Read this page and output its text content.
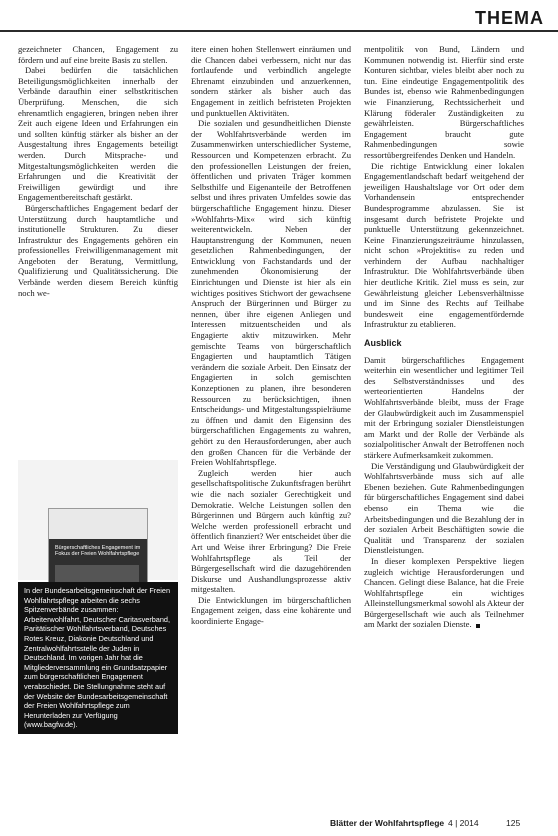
THEMA

gezeichneter Chancen, Engagement zu fördern und auf eine breite Basis zu stellen.

Dabei bedürfen die tatsächlichen Beteiligungsmöglichkeiten innerhalb der Verbände daraufhin einer selbstkritischen Überprüfung. Menschen, die sich ehrenamtlich engagieren, bringen neben ihrer Zeit auch eigene Ideen und Erfahrungen ein und sollten künftig stärker als bisher an der Ausgestaltung ihres Engagements beteiligt werden. Durch Mitsprache- und Mitgestaltungsmöglichkeiten werden die Erfahrungen und die Kreativität der Freiwilligen gewürdigt und ihre Engagementbereitschaft gestärkt.

Bürgerschaftliches Engagement bedarf der Unterstützung durch hauptamtliche und institutionelle Strukturen. Zu dieser Infrastruktur des Engagements gehören ein professionelles Freiwilligenmanagement mit Angeboten der Beratung, Vermittlung, Qualifizierung und Qualitätssicherung. Die Verbände werden diesem Bereich künftig noch we-

Bürgerschaftliches Engagement im Fokus der Freien Wohlfahrtspflege
In der Bundesarbeitsgemeinschaft der Freien Wohlfahrtspflege arbeiten die sechs Spitzenverbände zusammen: Arbeiterwohlfahrt, Deutscher Caritasverband, Paritätischer Wohlfahrtsverband, Deutsches Rotes Kreuz, Diakonie Deutschland und Zentralwohlfahrtsstelle der Juden in Deutschland. Im vorigen Jahr hat die Mitgliederversammlung ein Grundsatzpapier zum bürgerschaftlichen Engagement verabschiedet. Die Stellungnahme steht auf der Website der Bundesarbeitsgemeinschaft der Freien Wohlfahrtspflege zum Herunterladen zur Verfügung (www.bagfw.de).

itere einen hohen Stellenwert einräumen und die Chancen dabei verbessern, nicht nur das fortlaufende und verbindlich angelegte Ehrenamt einzubinden und anzuerkennen, sondern stärker als bisher auch das Engagement in zeitlich befristeten Projekten und punktuellen Aktivitäten.

Die sozialen und gesundheitlichen Dienste der Wohlfahrtsverbände werden im Zusammenwirken unterschiedlicher Systeme, Ressourcen und Kompetenzen erbracht. Zu den professionellen Leistungen der freien, öffentlichen und privaten Träger kommen Selbsthilfe und Eigenanteile der Betroffenen selbst und ihres privaten Umfeldes sowie das bürgerschaftliche Engagement hinzu. Dieser »Wohlfahrts-Mix« wird sich künftig weiterentwickeln. Neben der Hauptanstrengung der Kommunen, neuen gesetzlichen Rahmenbedingungen, der Entwicklung von Fachstandards und der zunehmenden Ökonomisierung der Einrichtungen und Dienste ist hier als ein wichtiges positives Stichwort der gewachsene Anspruch der Bürgerinnen und Bürger zu nennen, über ihre eigenen Anliegen und Interessen mitzuentscheiden und als Engagierte aktiv mitzuwirken. Mehr gemischte Teams von bürgerschaftlich Engagierten und hauptamtlich Tätigen verändern die soziale Arbeit. Den Einsatz der Engagierten in solch gemischten Konzeptionen zu planen, ihre besonderen Ressourcen zu berücksichtigen, ihnen Entscheidungs- und Mitgestaltungsspielräume zu öffnen und damit den Eigensinn des bürgerschaftlichen Engagements zu wahren, gehört zu den Herausforderungen, aber auch den großen Chancen für die Verbände der Freien Wohlfahrtspflege.

Zugleich werden hier auch gesellschaftspolitische Zukunftsfragen berührt wie die nach sozialer Gerechtigkeit und Demokratie. Welche Leistungen sollen den Bürgerinnen und Bürgern auch künftig zu? Welche werden professionell erbracht und öffentlich finanziert? Wer entscheidet über die Art und Weise ihrer Erbringung? Die Freie Wohlfahrtspflege als Teil der Bürgergesellschaft wird die dazugehörenden Diskurse und Aushandlungsprozesse aktiv mitgestalten.

Die Entwicklungen im bürgerschaftlichen Engagement zeigen, dass eine kohärente und koordinierte Engage-

mentpolitik von Bund, Ländern und Kommunen notwendig ist. Hierfür sind erste Konturen sichtbar, vieles bleibt aber noch zu tun. Eine eindeutige Engagementpolitik des Bundes ist, ebenso wie Rahmenbedingungen wie Finanzierung, Rechtssicherheit und Klärung föderaler Zuständigkeiten zu gewährleisten. Bürgerschaftliches Engagement braucht gute Rahmenbedingungen sowie ressortübergreifendes Denken und Handeln.

Die richtige Entwicklung einer lokalen Engagementlandschaft bedarf weitgehend der jeweiligen Haushaltslage vor Ort oder dem Vorhandensein entsprechender Bundesprogramme abzulassen. Sie ist insgesamt durch befristete Projekte und punktuelle Unterstützung gekennzeichnet. Keine Finanzierungszeiträume hinzulassen, nicht schon »Projektitis« zu reden und verhindern der Aufbau nachhaltiger Infrastruktur. Die Wohlfahrtsverbände üben hier deutliche Kritik. Ziel muss es sein, zur Gewährleistung gleicher Lebensverhältnisse und im Sinne des Rechts auf Teilhabe bundesweit eine engagementfördernde Infrastruktur zu etablieren.

Ausblick

Damit bürgerschaftliches Engagement weiterhin ein wesentlicher und legitimer Teil des Selbstverständnisses und des werteorientierten Handelns der Wohlfahrtsverbände bleibt, muss der Frage der Glaubwürdigkeit auch im Zusammenspiel mit der Erbringung sozialer Dienstleistungen am Markt und der Rolle der Verbände als sozialpolitischer Anwalt der Betroffenen noch stärkere Aufmerksamkeit zukommen.

Die Verständigung und Glaubwürdigkeit der Wohlfahrtsverbände muss sich auf alle Ebenen beziehen. Gute Rahmenbedingungen für bürgerschaftliches Engagement sind dabei ebenso ein Thema wie die Arbeitsbedingungen und die Bezahlung der in der sozialen Arbeit Beschäftigten sowie die Qualität und Transparenz der sozialen Dienstleistungen.

In dieser komplexen Perspektive liegen zugleich wichtige Herausforderungen und Chancen. Gelingt diese Balance, hat die Freie Wohlfahrtspflege ein wichtiges Alleinstellungsmerkmal sowohl als Akteur der Bürgergesellschaft wie auch als Teilnehmer am Markt der sozialen Dienste.

Blätter der Wohlfahrtspflege 4 | 2014	125
